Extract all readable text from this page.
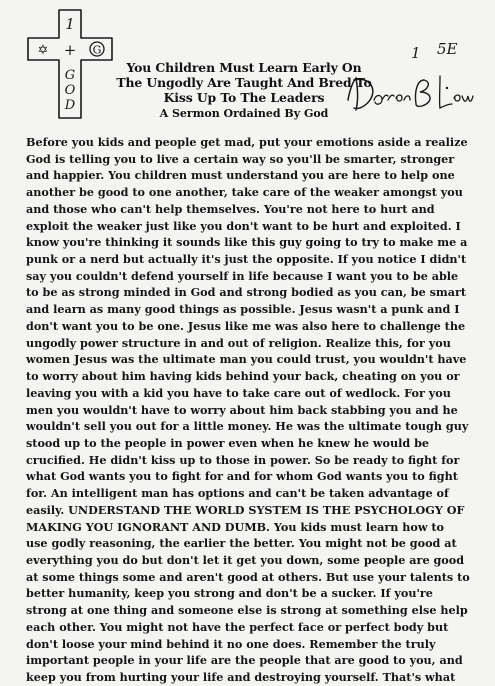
1
+
G
O
D
✡	G	1 5E
You Children Must Learn Early On
The Ungodly Are Taught And Bred To
Kiss Up To The Leaders
A Sermon Ordained By God
Before you kids and people get mad, put your emotions aside a realize
God is telling you to live a certain way so you'll be smarter, stronger
and happier. You children must understand you are here to help one
another be good to one another, take care of the weaker amongst you
and those who can't help themselves. You're not here to hurt and
exploit the weaker just like you don't want to be hurt and exploited. I
know you're thinking it sounds like this guy going to try to make me a
punk or a nerd but actually it's just the opposite. If you notice I didn't
say you couldn't defend yourself in life because I want you to be able
to be as strong minded in God and strong bodied as you can, be smart
and learn as many good things as possible. Jesus wasn't a punk and I
don't want you to be one. Jesus like me was also here to challenge the
ungodly power structure in and out of religion. Realize this, for you
women Jesus was the ultimate man you could trust, you wouldn't have
to worry about him having kids behind your back, cheating on you or
leaving you with a kid you have to take care out of wedlock. For you
men you wouldn't have to worry about him back stabbing you and he
wouldn't sell you out for a little money. He was the ultimate tough guy
stood up to the people in power even when he knew he would be
crucified. He didn't kiss up to those in power. So be ready to fight for
what God wants you to fight for and for whom God wants you to fight
for. An intelligent man has options and can't be taken advantage of
easily. UNDERSTAND THE WORLD SYSTEM IS THE PSYCHOLOGY OF
MAKING YOU IGNORANT AND DUMB. You kids must learn how to
use godly reasoning, the earlier the better. You might not be good at
everything you do but don't let it get you down, some people are good
at some things some and aren't good at others. But use your talents to
better humanity, keep you strong and don't be a sucker. If you're
strong at one thing and someone else is strong at something else help
each other. You might not have the perfect face or perfect body but
don't loose your mind behind it no one does. Remember the truly
important people in your life are the people that are good to you, and
keep you from hurting your life and destroying yourself. That's what
